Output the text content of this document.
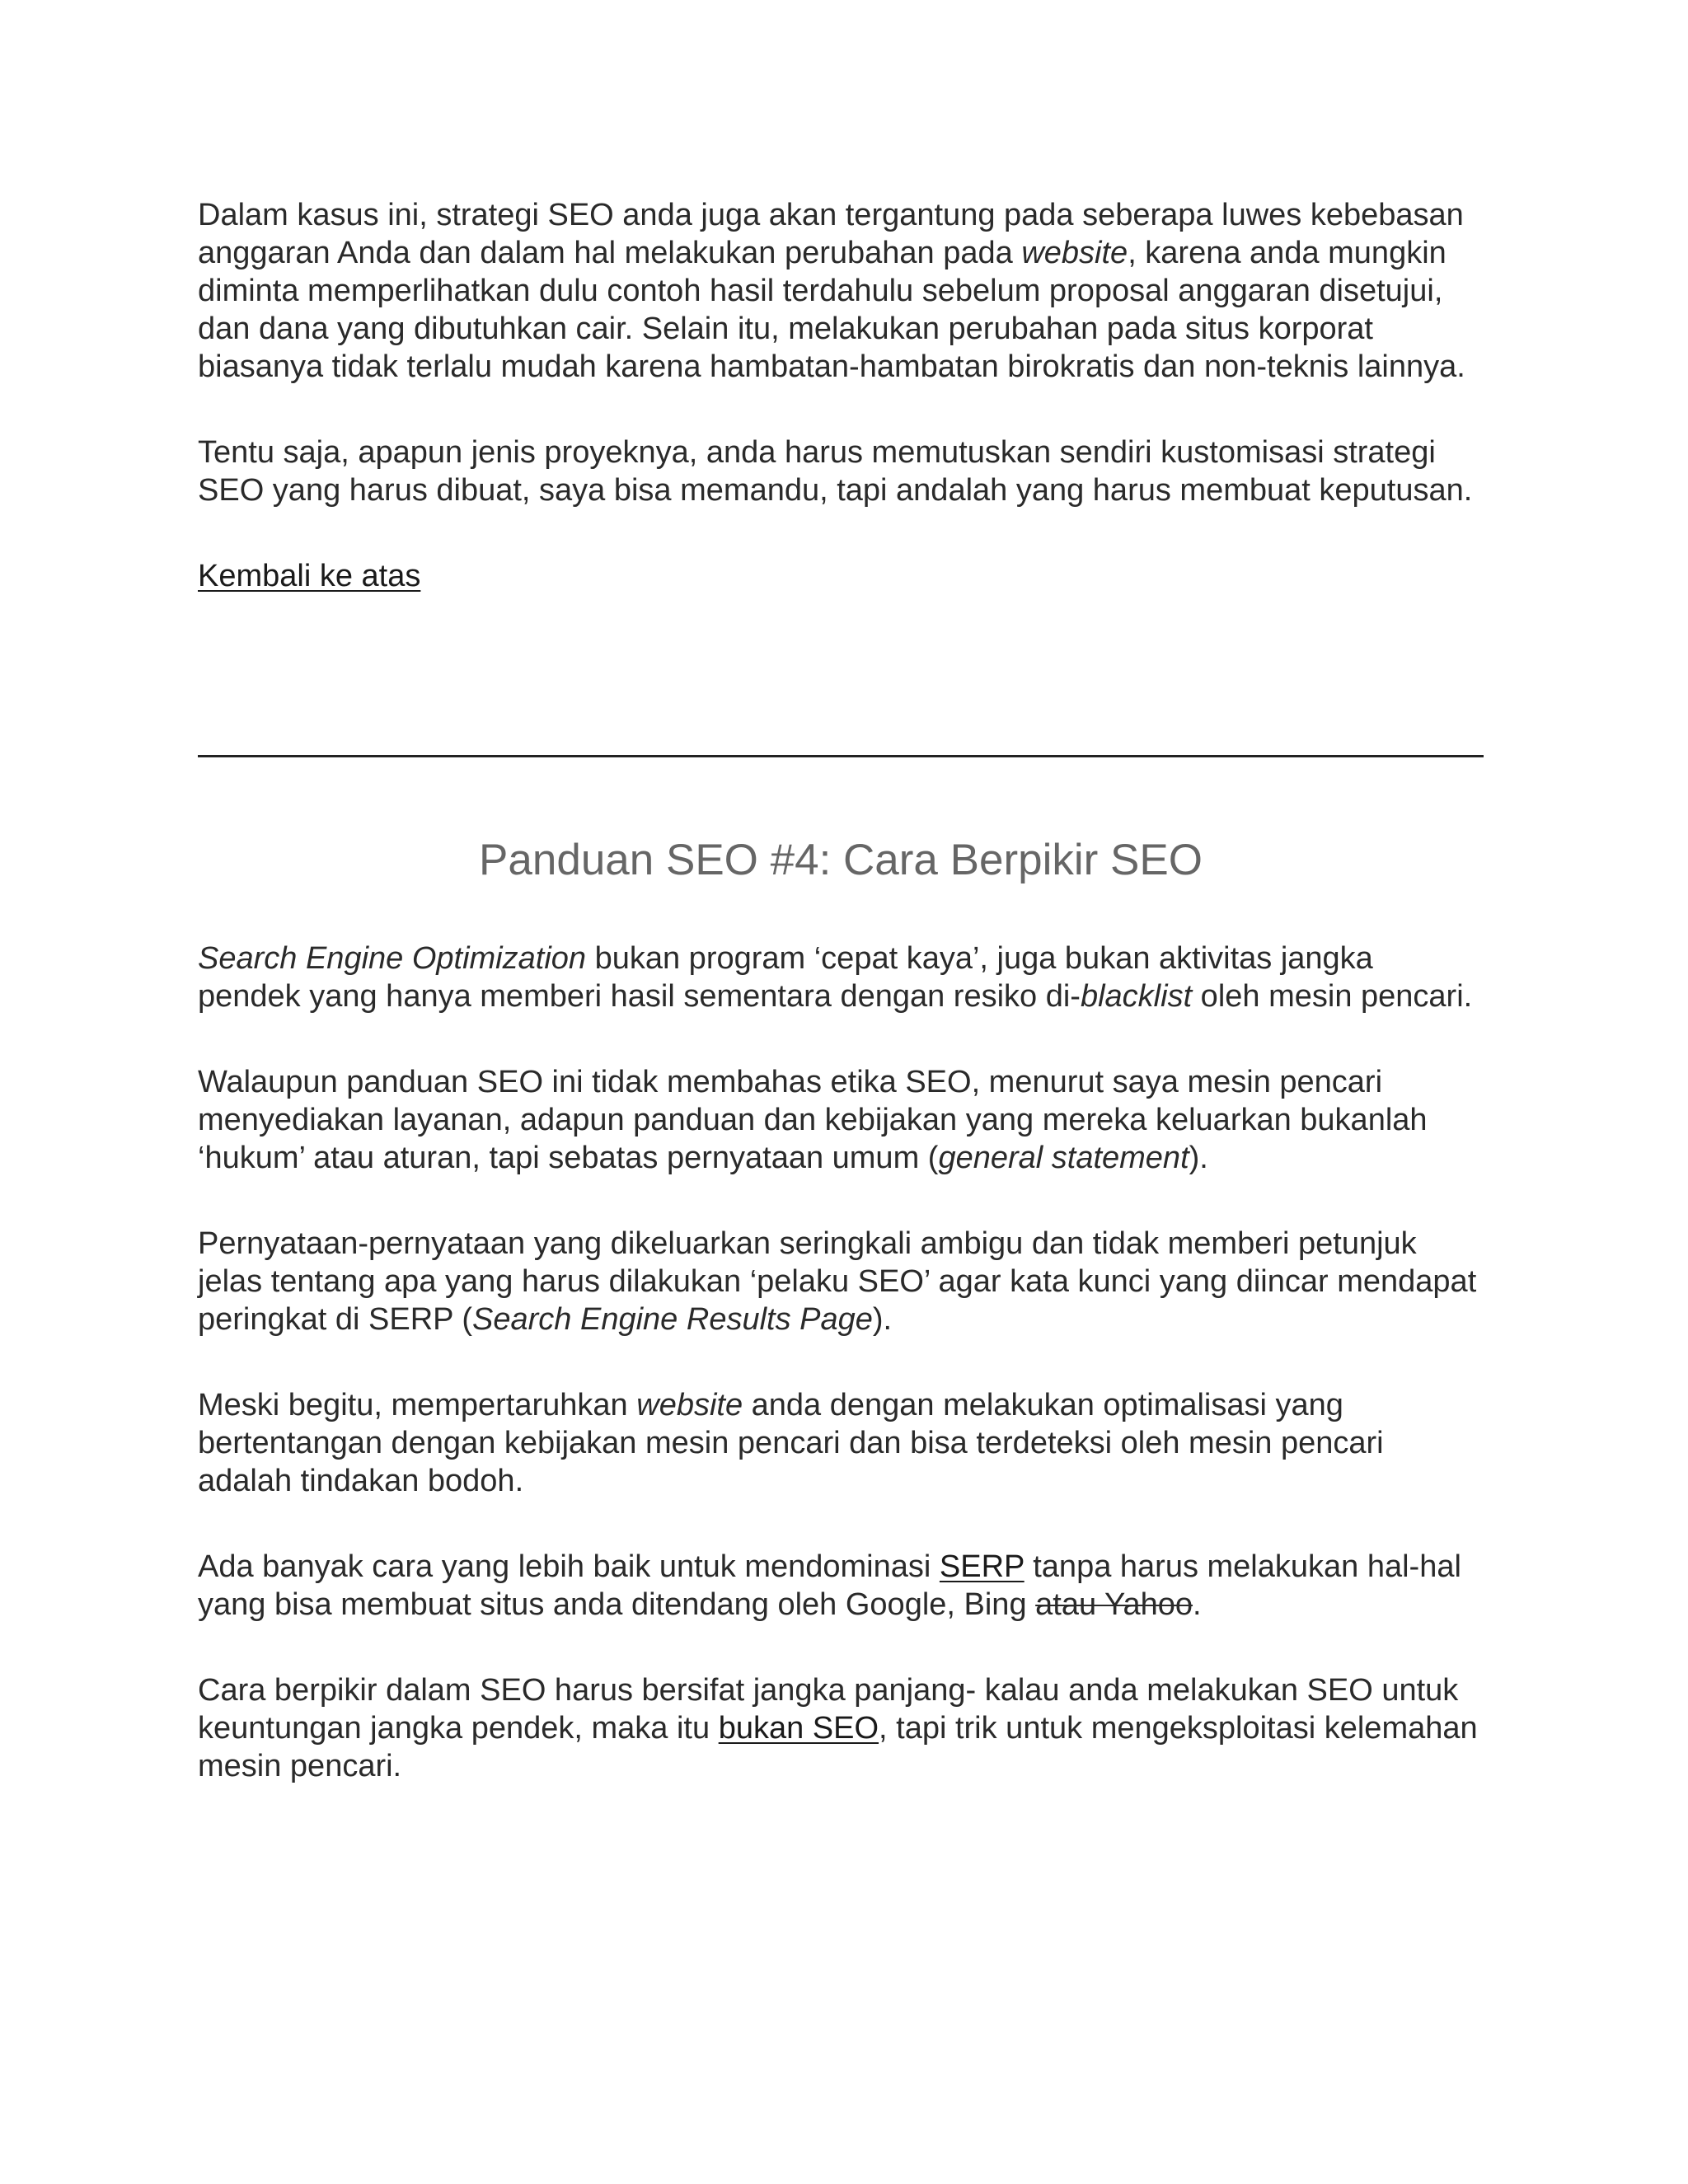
Dalam kasus ini, strategi SEO anda juga akan tergantung pada seberapa luwes kebebasan anggaran Anda dan dalam hal melakukan perubahan pada website, karena anda mungkin diminta memperlihatkan dulu contoh hasil terdahulu sebelum proposal anggaran disetujui, dan dana yang dibutuhkan cair. Selain itu, melakukan perubahan pada situs korporat biasanya tidak terlalu mudah karena hambatan-hambatan birokratis dan non-teknis lainnya.

Tentu saja, apapun jenis proyeknya, anda harus memutuskan sendiri kustomisasi strategi SEO yang harus dibuat, saya bisa memandu, tapi andalah yang harus membuat keputusan.

Kembali ke atas

Panduan SEO #4: Cara Berpikir SEO

Search Engine Optimization bukan program ‘cepat kaya’, juga bukan aktivitas jangka pendek yang hanya memberi hasil sementara dengan resiko di-blacklist oleh mesin pencari.

Walaupun panduan SEO ini tidak membahas etika SEO, menurut saya mesin pencari menyediakan layanan, adapun panduan dan kebijakan yang mereka keluarkan bukanlah ‘hukum’ atau aturan, tapi sebatas pernyataan umum (general statement).

Pernyataan-pernyataan yang dikeluarkan seringkali ambigu dan tidak memberi petunjuk jelas tentang apa yang harus dilakukan ‘pelaku SEO’ agar kata kunci yang diincar mendapat peringkat di SERP (Search Engine Results Page).

Meski begitu, mempertaruhkan website anda dengan melakukan optimalisasi yang bertentangan dengan kebijakan mesin pencari dan bisa terdeteksi oleh mesin pencari adalah tindakan bodoh.

Ada banyak cara yang lebih baik untuk mendominasi SERP tanpa harus melakukan hal-hal yang bisa membuat situs anda ditendang oleh Google, Bing atau Yahoo.

Cara berpikir dalam SEO harus bersifat jangka panjang- kalau anda melakukan SEO untuk keuntungan jangka pendek, maka itu bukan SEO, tapi trik untuk mengeksploitasi kelemahan mesin pencari.
